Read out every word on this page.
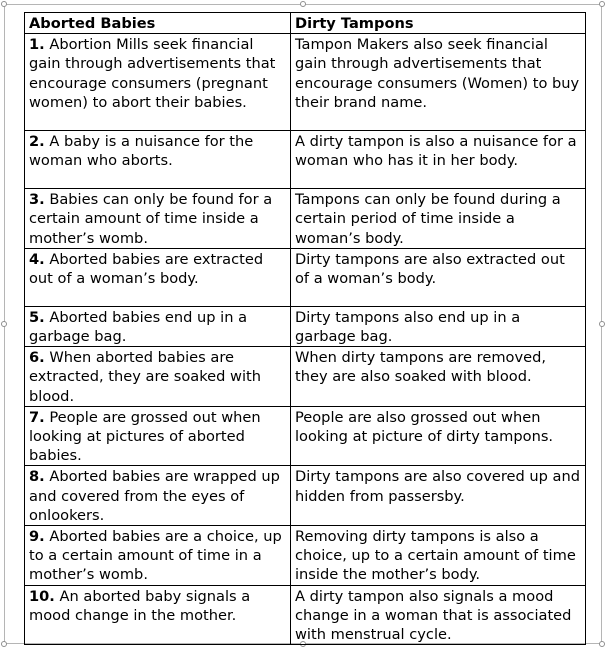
Aborted Babies	Dirty Tampons
1. Abortion Mills seek financial gain through advertisements that encourage consumers (pregnant women) to abort their babies.	Tampon Makers also seek financial gain through advertisements that encourage consumers (Women) to buy their brand name.
2. A baby is a nuisance for the woman who aborts.	A dirty tampon is also a nuisance for a woman who has it in her body.
3. Babies can only be found for a certain amount of time inside a mother’s womb.	Tampons can only be found during a certain period of time inside a woman’s body.
4. Aborted babies are extracted out of a woman’s body.	Dirty tampons are also extracted out of a woman’s body.
5. Aborted babies end up in a garbage bag.	Dirty tampons also end up in a garbage bag.
6. When aborted babies are extracted, they are soaked with blood.	When dirty tampons are removed, they are also soaked with blood.
7. People are grossed out when looking at pictures of aborted babies.	People are also grossed out when looking at picture of dirty tampons.
8. Aborted babies are wrapped up and covered from the eyes of onlookers.	Dirty tampons are also covered up and hidden from passersby.
9. Aborted babies are a choice, up to a certain amount of time in a mother’s womb.	Removing dirty tampons is also a choice, up to a certain amount of time inside the mother’s body.
10. An aborted baby signals a mood change in the mother.	A dirty tampon also signals a mood change in a woman that is associated with menstrual cycle.
